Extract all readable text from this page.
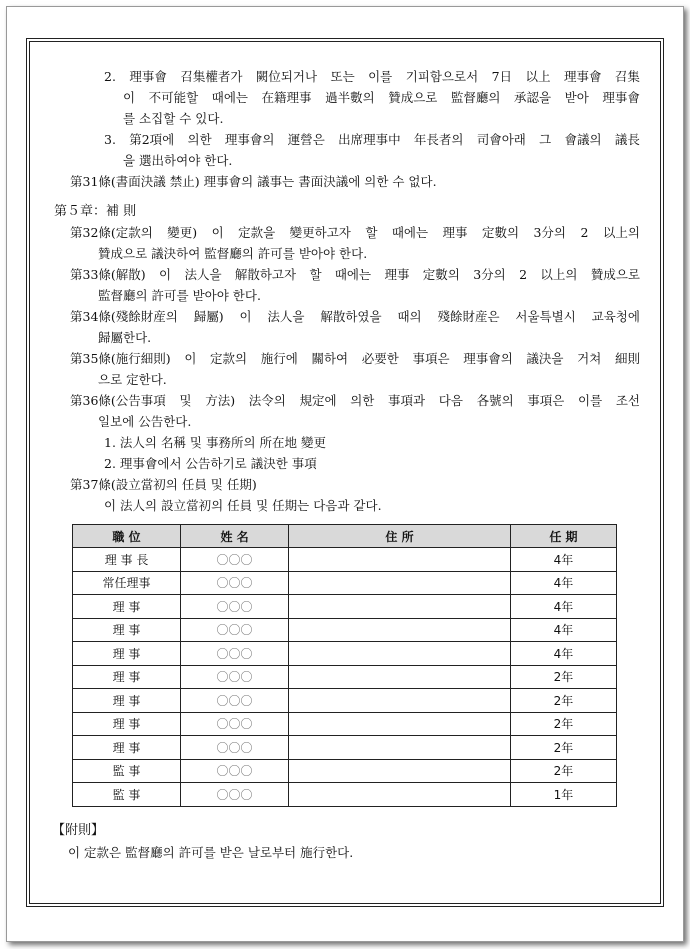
2. 理事會 召集權者가 闕位되거나 또는 이를 기피함으로서 7日 以上 理事會 召集
이 不可能할 때에는 在籍理事 過半數의 贊成으로 監督廳의 承認을 받아 理事會
를 소집할 수 있다.
3. 第2項에 의한 理事會의 運營은 出席理事中 年長者의 司會아래 그 會議의 議長
을 選出하여야 한다.
第31條(書面決議 禁止) 理事會의 議事는 書面決議에 의한 수 없다.
第５章：補 則
第32條(定款의 變更) 이 定款을 變更하고자 할 때에는 理事 定數의 3分의 2 以上의
贊成으로 議決하여 監督廳의 許可를 받아야 한다.
第33條(解散) 이 法人을 解散하고자 할 때에는 理事 定數의 3分의 2 以上의 贊成으로
監督廳의 許可를 받아야 한다.
第34條(殘餘財産의 歸屬) 이 法人을 解散하였을 때의 殘餘財産은 서울특별시 교육청에
歸屬한다.
第35條(施行細則) 이 定款의 施行에 關하여 必要한 事項은 理事會의 議決을 거쳐 細則
으로 定한다.
第36條(公告事項 및 方法) 法令의 規定에 의한 事項과 다음 各號의 事項은 이를 조선
일보에 公告한다.
1. 法人의 名稱 및 事務所의 所在地 變更
2. 理事會에서 公告하기로 議決한 事項
第37條(設立當初의 任員 및 任期)
이 法人의 設立當初의 任員 및 任期는 다음과 같다.
職 位	姓 名	住 所	任 期
理 事 長	〇〇〇		4年
常任理事	〇〇〇		4年
理 事	〇〇〇		4年
理 事	〇〇〇		4年
理 事	〇〇〇		4年
理 事	〇〇〇		2年
理 事	〇〇〇		2年
理 事	〇〇〇		2年
理 事	〇〇〇		2年
監 事	〇〇〇		2年
監 事	〇〇〇		1年
【附則】
이 定款은 監督廳의 許可를 받은 날로부터 施行한다.
